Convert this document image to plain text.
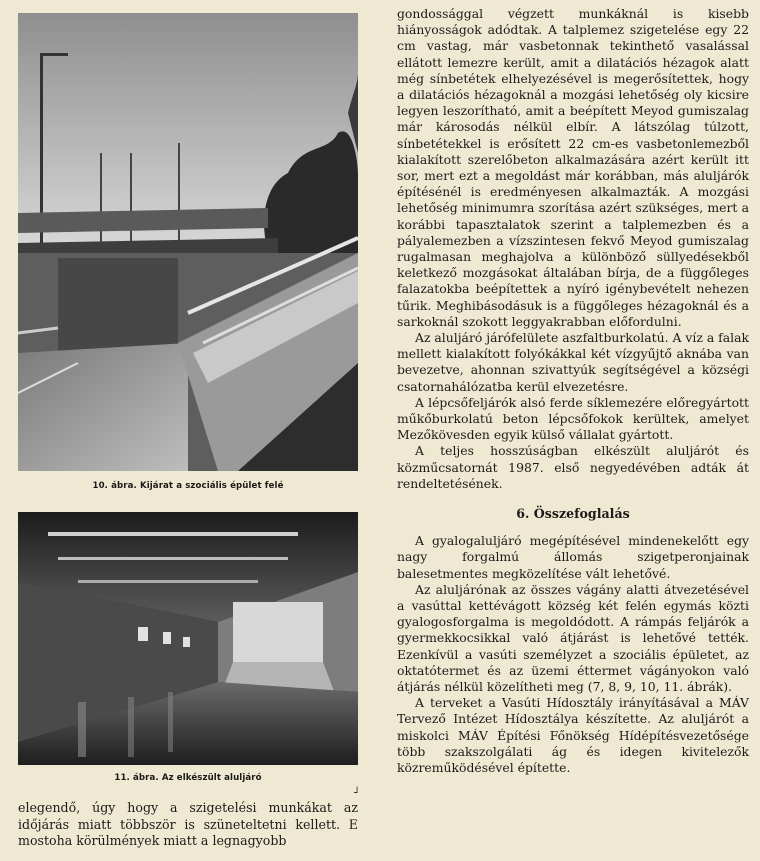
10. ábra. Kijárat a szociális épület felé
11. ábra. Az elkészült aluljáró
┘

elegendő, úgy hogy a szigetelési munkákat az időjárás miatt többször is szüneteltetni kellett. E mostoha körülmények miatt a legnagyobb

gondossággal végzett munkáknál is kisebb hiányosságok adódtak. A talplemez szigetelése egy 22 cm vastag, már vasbetonnak tekinthető vasalással ellátott lemezre került, amit a dilatációs hézagok alatt még sínbetétek elhelyezésével is megerősítettek, hogy a dilatációs hézagoknál a mozgási lehetőség oly kicsire legyen leszorítható, amit a beépített Meyod gumiszalag már károsodás nélkül elbír. A látszólag túlzott, sínbetétekkel is erősített 22 cm-es vasbetonlemezből kialakított szerelőbeton alkalmazására azért került itt sor, mert ezt a megoldást már korábban, más aluljárók építésénél is eredményesen alkalmazták. A mozgási lehetőség minimumra szorítása azért szükséges, mert a korábbi tapasztalatok szerint a talplemezben és a pályalemezben a vízszintesen fekvő Meyod gumiszalag rugalmasan meghajolva a különböző süllyedésekből keletkező mozgásokat általában bírja, de a függőleges falazatokba beépítettek a nyíró igénybevételt nehezen tűrik. Meghibásodásuk is a függőleges hézagoknál és a sarkoknál szokott leggyakrabban előfordulni.

Az aluljáró járófelülete aszfaltburkolatú. A víz a falak mellett kialakított folyókákkal két vízgyűjtő aknába van bevezetve, ahonnan szivattyúk segítségével a községi csatornahálózatba kerül elvezetésre.

A lépcsőfeljárók alsó ferde síklemezére előregyártott műkőburkolatú beton lépcsőfokok kerültek, amelyet Mezőkövesden egyik külső vállalat gyártott.

A teljes hosszúságban elkészült aluljárót és közműcsatornát 1987. első negyedévében adták át rendeltetésének.

6. Összefoglalás

A gyalogaluljáró megépítésével mindenekelőtt egy nagy forgalmú állomás szigetperonjainak balesetmentes megközelítése vált lehetővé.

Az aluljárónak az összes vágány alatti átvezetésével a vasúttal kettévágott község két felén egymás közti gyalogosforgalma is megoldódott. A rámpás feljárók a gyermekkocsikkal való átjárást is lehetővé tették. Ezenkívül a vasúti személyzet a szociális épületet, az oktatótermet és az üzemi éttermet vágányokon való átjárás nélkül közelítheti meg (7, 8, 9, 10, 11. ábrák).

A terveket a Vasúti Hídosztály irányításával a MÁV Tervező Intézet Hídosztálya készítette. Az aluljárót a miskolci MÁV Építési Főnökség Hídépítésvezetősége több szakszolgálati ág és idegen kivitelezők közreműködésével építette.
